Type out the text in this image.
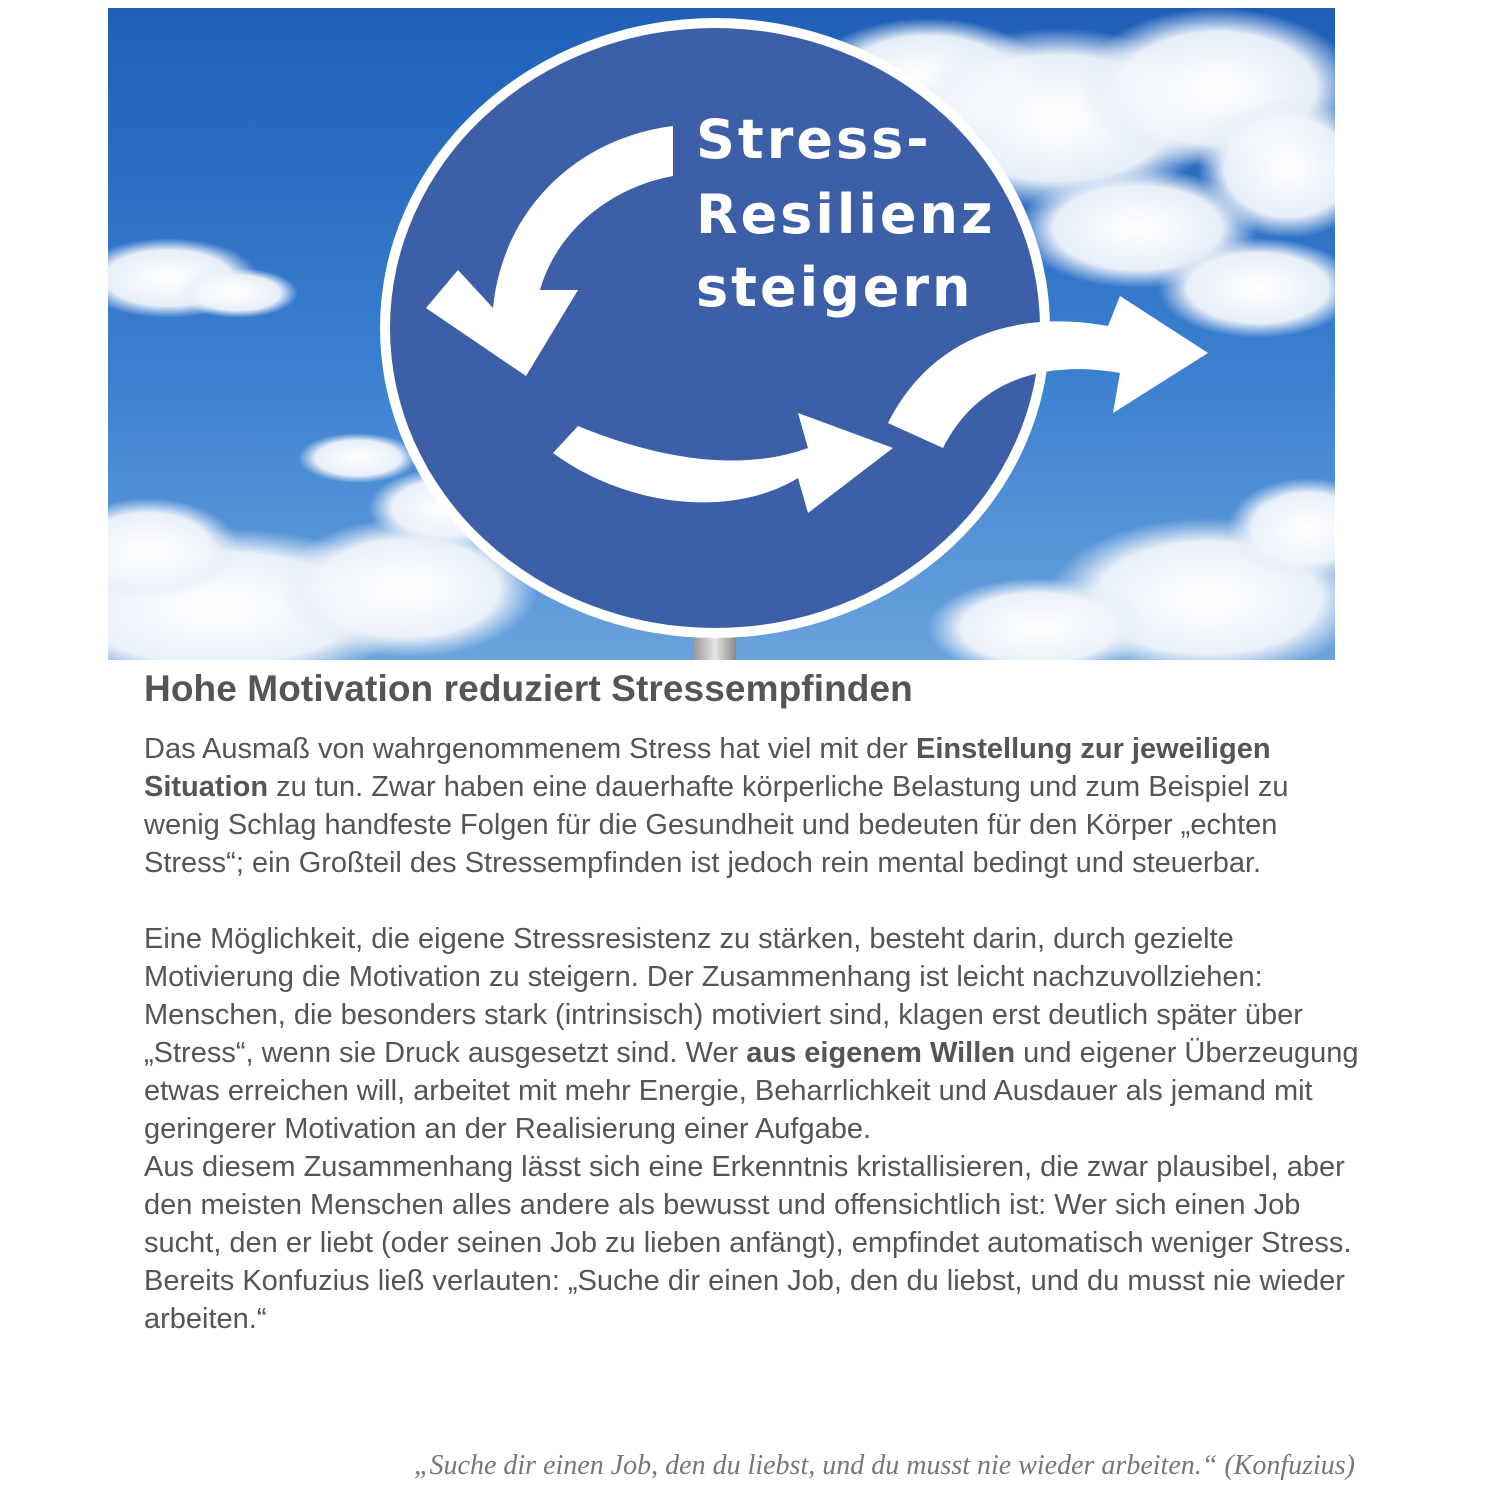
Stress-
Resilienz
steigern
Hohe Motivation reduziert Stressempfinden

Das Ausmaß von wahrgenommenem Stress hat viel mit der Einstellung zur jeweiligen Situation zu tun. Zwar haben eine dauerhafte körperliche Belastung und zum Beispiel zu wenig Schlag handfeste Folgen für die Gesundheit und bedeuten für den Körper „echten Stress“; ein Großteil des Stressempfinden ist jedoch rein mental bedingt und steuerbar.

Eine Möglichkeit, die eigene Stressresistenz zu stärken, besteht darin, durch gezielte Motivierung die Motivation zu steigern. Der Zusammenhang ist leicht nachzuvollziehen: Menschen, die besonders stark (intrinsisch) motiviert sind, klagen erst deutlich später über „Stress“, wenn sie Druck ausgesetzt sind. Wer aus eigenem Willen und eigener Überzeugung etwas erreichen will, arbeitet mit mehr Energie, Beharrlichkeit und Ausdauer als jemand mit geringerer Motivation an der Realisierung einer Aufgabe.

Aus diesem Zusammenhang lässt sich eine Erkenntnis kristallisieren, die zwar plausibel, aber den meisten Menschen alles andere als bewusst und offensichtlich ist: Wer sich einen Job sucht, den er liebt (oder seinen Job zu lieben anfängt), empfindet automatisch weniger Stress. Bereits Konfuzius ließ verlauten: „Suche dir einen Job, den du liebst, und du musst nie wieder arbeiten.“

„Suche dir einen Job, den du liebst, und du musst nie wieder arbeiten.“ (Konfuzius)
